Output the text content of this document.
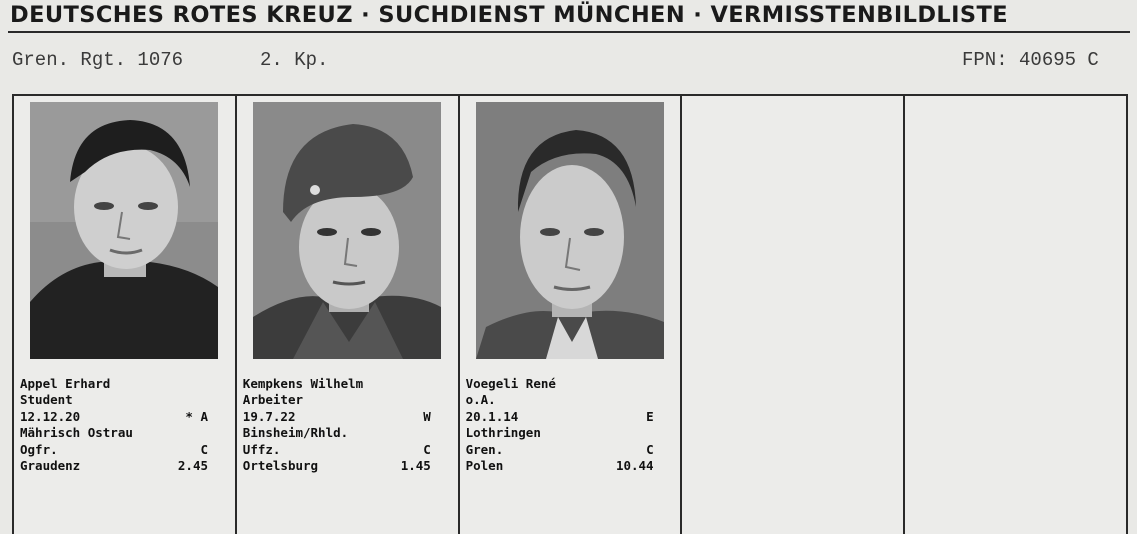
DEUTSCHES ROTES KREUZ · SUCHDIENST MÜNCHEN · VERMISSTENBILDLISTE
Gren. Rgt. 1076	2. Kp.	FPN: 40695 C
Appel Erhard
Student
12.12.20	* A
Mährisch Ostrau
Ogfr.	C
Graudenz	2.45
Kempkens Wilhelm
Arbeiter
19.7.22	W
Binsheim/Rhld.
Uffz.	C
Ortelsburg	1.45
Voegeli René
o.A.
20.1.14	E
Lothringen
Gren.	C
Polen	10.44
